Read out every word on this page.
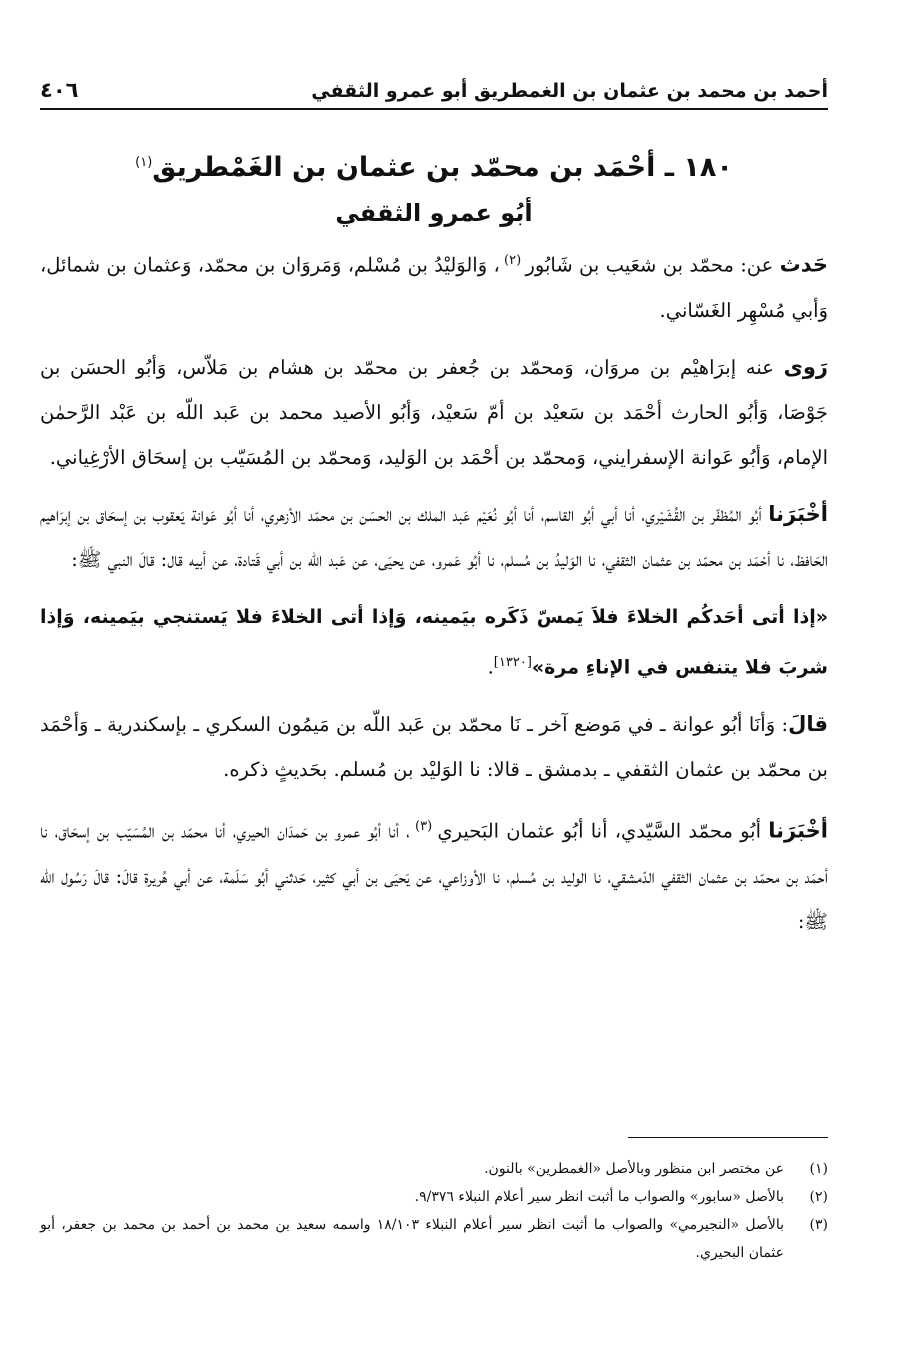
أحمد بن محمد بن عثمان بن الغمطريق أبو عمرو الثقفي
٤٠٦
١٨٠ ـ أحْمَد بن محمّد بن عثمان بن الغَمْطريق$^{(١)}$
أبُو عمرو الثقفي

حَدث عن: محمّد بن شعَيب بن شَابُور $^{(٢)}$ ، وَالوَليْدُ بن مُسْلم، وَمَروَان بن محمّد، وَعثمان بن شمائل، وَأبي مُسْهِر الغَسّاني.

رَوى عنه إبرَاهيْم بن مروَان، وَمحمّد بن جُعفر بن محمّد بن هشام بن مَلاّس، وَأبُو الحسَن بن جَوْصَا، وَأبُو الحارث أحْمَد بن سَعيْد بن أمّ سَعيْد، وَأبُو الأصيد محمد بن عَبد اللّه بن عَبْد الرَّحمٰن الإمام، وَأبُو عَوانة الإسفرايني، وَمحمّد بن أحْمَد بن الوَليد، وَمحمّد بن المُسَيّب بن إسحَاق الأرْغِياني.

أخْبَرَنا أبُو المُظفّر بن القُشَيْري، أنا أبي أبُو القاسم، أنا أبُو نُعَيْم عَبد الملك بن الحسَن بن محمّد الأزهري، أنا أبُو عَوانة يَعقوب بن إسحَاق بن إبرَاهيم الحَافظ، نا أحْمَد بن محمّد بن عثمان الثقفي، نا الوَليدُ بن مُسلم، نا أبُو عَمرو، عن يحيَى، عن عَبد اللّه بن أبي قَتادة، عن أبيه قال: قالَ النبي ﷺ:

«إذا أتى أحَدكُم الخلاءَ فلاَ يَمسّ ذَكَره بيَمينه، وَإذا أتى الخلاءَ فلا يَستنجي بيَمينه، وَإذا شربَ فلا يتنفس في الإناءِ مرة»[١٣٢٠].

قالَ: وَأنَا أبُو عوانة ـ في مَوضع آخر ـ نَا محمّد بن عَبد اللّه بن مَيمُون السكري ـ بإسكندرية ـ وَأحْمَد بن محمّد بن عثمان الثقفي ـ بدمشق ـ قالا: نا الوَليْد بن مُسلم. بحَديثٍ ذكره.

أخْبَرَنا أبُو محمّد السَّيّدي، أنا أبُو عثمان البَحيري $^{(٣)}$ ، أنا أبُو عمرو بن حَمدَان الحيري، أنا محمّد بن المُسَيّب بن إسحَاق، نا أحمَد بن محمّد بن عثمان الثقفي الدّمشقي، نا الوليد بن مُسلم، نا الأوزاعي، عن يَحيَى بن أبي كثير، حَدثني أبُو سَلَمة، عن أبي هُريرة قالَ: قالَ رَسُول الله ﷺ:

(١)
عن مختصر ابن منظور وبالأصل «الغمطرين» بالنون.
(٢)
بالأصل «سابور» والصواب ما أثبت انظر سير أعلام النبلاء ٩/٣٧٦.
(٣)
بالأصل «النجيرمي» والصواب ما أثبت انظر سير أعلام النبلاء ١٨/١٠٣ واسمه سعيد بن محمد بن أحمد بن محمد بن جعفر، أبو عثمان البحيري.
